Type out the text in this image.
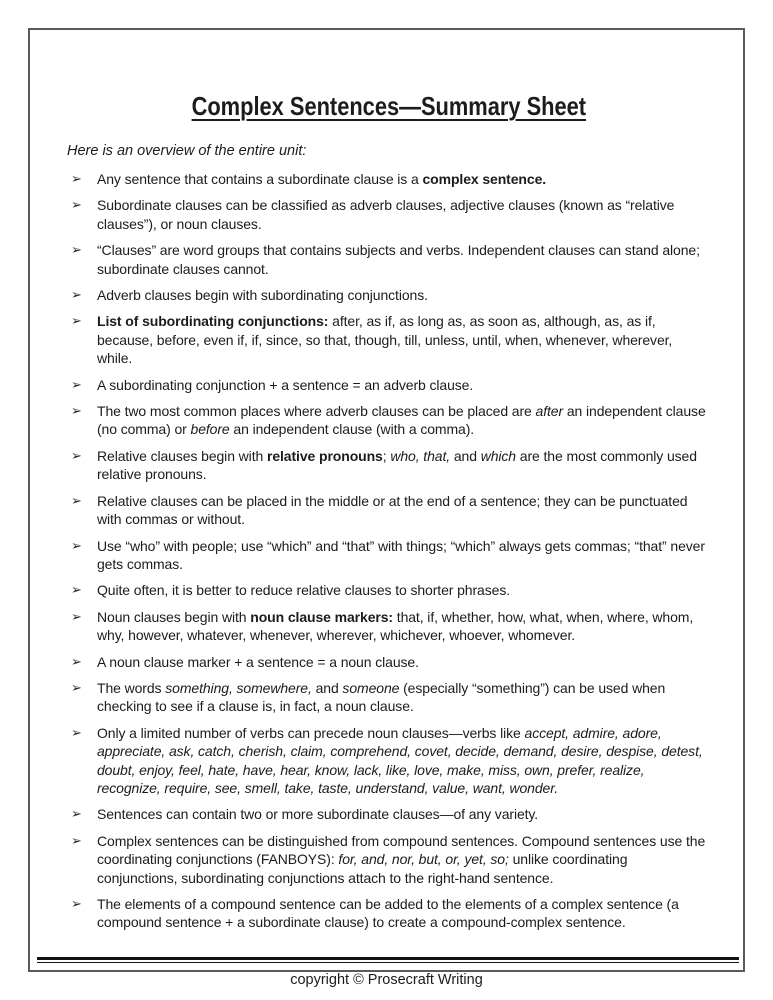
Complex Sentences—Summary Sheet

Here is an overview of the entire unit:

➢	Any sentence that contains a subordinate clause is a complex sentence.
➢	Subordinate clauses can be classified as adverb clauses, adjective clauses (known as “relative clauses”), or noun clauses.
➢	“Clauses” are word groups that contains subjects and verbs. Independent clauses can stand alone; subordinate clauses cannot.
➢	Adverb clauses begin with subordinating conjunctions.
➢	List of subordinating conjunctions: after, as if, as long as, as soon as, although, as, as if, because, before, even if, if, since, so that, though, till, unless, until, when, whenever, wherever, while.
➢	A subordinating conjunction + a sentence = an adverb clause.
➢	The two most common places where adverb clauses can be placed are after an independent clause (no comma) or before an independent clause (with a comma).
➢	Relative clauses begin with relative pronouns; who, that, and which are the most commonly used relative pronouns.
➢	Relative clauses can be placed in the middle or at the end of a sentence; they can be punctuated with commas or without.
➢	Use “who” with people; use “which” and “that” with things; “which” always gets commas; “that” never gets commas.
➢	Quite often, it is better to reduce relative clauses to shorter phrases.
➢	Noun clauses begin with noun clause markers: that, if, whether, how, what, when, where, whom, why, however, whatever, whenever, wherever, whichever, whoever, whomever.
➢	A noun clause marker + a sentence = a noun clause.
➢	The words something, somewhere, and someone (especially “something”) can be used when checking to see if a clause is, in fact, a noun clause.
➢	Only a limited number of verbs can precede noun clauses—verbs like accept, admire, adore, appreciate, ask, catch, cherish, claim, comprehend, covet, decide, demand, desire, despise, detest, doubt, enjoy, feel, hate, have, hear, know, lack, like, love, make, miss, own, prefer, realize, recognize, require, see, smell, take, taste, understand, value, want, wonder.
➢	Sentences can contain two or more subordinate clauses—of any variety.
➢	Complex sentences can be distinguished from compound sentences. Compound sentences use the coordinating conjunctions (FANBOYS): for, and, nor, but, or, yet, so; unlike coordinating conjunctions, subordinating conjunctions attach to the right-hand sentence.
➢	The elements of a compound sentence can be added to the elements of a complex sentence (a compound sentence + a subordinate clause) to create a compound-complex sentence.
copyright © Prosecraft Writing
